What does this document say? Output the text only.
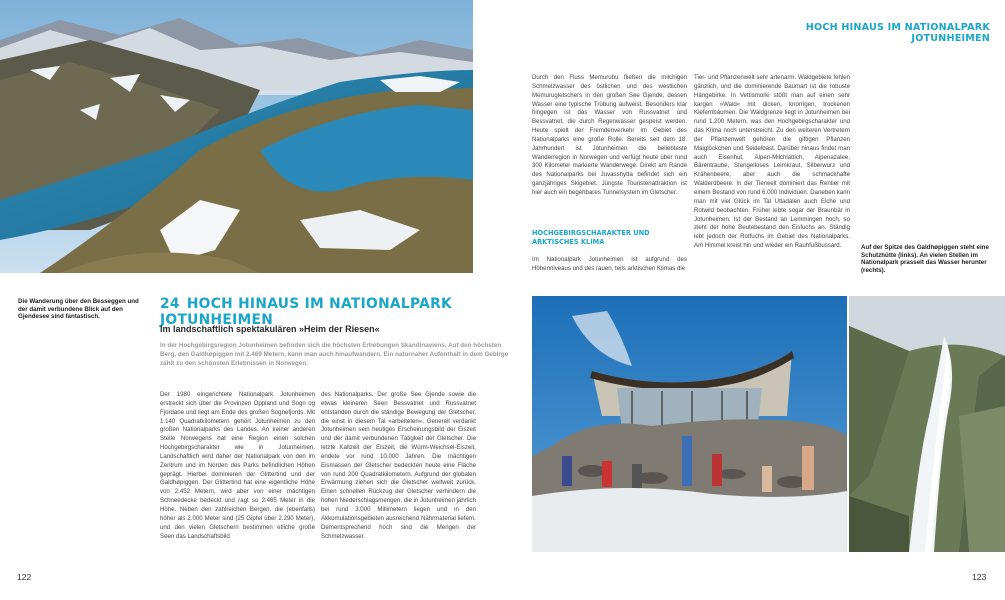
Die Wanderung über den Besseggen und der damit verbundene Blick auf den Gjendesee sind fantastisch.
Auf der Spitze des Galdhøpiggen steht eine Schutzhütte (links). An vielen Stellen im Nationalpark prasselt das Wasser herunter (rechts).
HOCH HINAUS IM NATIONALPARK JOTUNHEIMEN
24 HOCH HINAUS IM NATIONALPARK JOTUNHEIMEN
Im landschaftlich spektakulären »Heim der Riesen«
In der Hochgebirgsregion Jotunheimen befinden sich die höchsten Erhebungen Skandinaviens. Auf den höchsten Berg, den Galdhøpiggen mit 2.469 Metern, kann man auch hinaufwandern. Ein naturnaher Aufenthalt in dem Gebirge zählt zu den schönsten Erlebnissen in Norwegen.

Der 1980 eingerichtete Nationalpark Jotunheimen erstreckt sich über die Provinzen Oppland und Sogn og Fjordane und liegt am Ende des großen Sognefjords. Mit 1.140 Quadratkilometern gehört Jotunheimen zu den großen Nationalparks des Landes. An keiner anderen Stelle Norwegens hat eine Region einen solchen Hochgebirgscharakter wie in Jotunheimen. Landschaftlich wird daher der Nationalpark von den im Zentrum und im Norden des Parks befindlichen Höhen geprägt. Hierbei dominieren der Glittertind und der Galdhøpiggen. Der Glittertind hat eine eigentliche Höhe von 2.452 Metern, wird aber von einer mächtigen Schneedecke bedeckt und ragt so 2.465 Meter in die Höhe. Neben den zahlreichen Bergen, die (ebenfalls) höher als 2.000 Meter sind (25 Gipfel über 2.290 Meter), und den vielen Gletschern bestimmen etliche große Seen das Landschaftsbild

des Nationalparks. Der große See Gjende sowie die etwas kleineren Seen Bessvatnet und Russvatnet entstanden durch die ständige Bewegung der Gletscher, die einst in diesem Tal »arbeiteten«. Generell verdankt Jotunheimen sein heutiges Erscheinungsbild der Eiszeit und der damit verbundenen Tätigkeit der Gletscher. Die letzte Kaltzeit der Eiszeit, die Würm-Weichsel-Eiszeit, endete vor rund 10.000 Jahren. Die mächtigen Eismassen der Gletscher bedeckten heute eine Fläche von rund 200 Quadratkilometern. Aufgrund der globalen Erwärmung ziehen sich die Gletscher weltweit zurück. Einen schnellen Rückzug der Gletscher verhindern die hohen Niederschlagsmengen, die in Jotunheimen jährlich bei rund 3.000 Millimetern liegen und in den Akkumulationsgebieten ausreichend Nährmaterial liefern. Dementsprechend hoch sind die Mengen der Schmelzwasser.

Durch den Fluss Memurubu fließen die milchigen Schmelzwasser des östlichen und des westlichen Memurugletschers in den großen See Gjende, dessen Wasser eine typische Trübung aufweist. Besonders klar hingegen ist das Wasser von Russvatnet und Bessvatnet, die durch Regenwasser gespeist werden. Heute spielt der Fremdenverkehr im Gebiet des Nationalparks eine große Rolle. Bereits seit dem 18. Jahrhundert ist Jotunheimen die beliebteste Wanderregion in Norwegen und verfügt heute über rund 300 Kilometer markierte Wanderwege. Direkt am Rande des Nationalparks bei Juvasshytta befindet sich ein ganzjähriges Skigebiet. Jüngste Touristenattraktion ist hier auch ein begehbares Tunnelsystem im Gletscher.

HOCHGEBIRGSCHARAKTER UND ARKTISCHES KLIMA

Im Nationalpark Jotunheimen ist aufgrund des Höhenniveaus und des rauen, teils arktischen Klimas die

Tier- und Pflanzenwelt sehr artenarm. Waldgebiete fehlen gänzlich, und die dominierende Baumart ist die robuste Hängebirke. In Vettismorki stößt man auf einen sehr kargen »Wald« mit dicken, knorrigen, trockenen Kiefernbäumen. Die Waldgrenze liegt in Jotunheimen bei rund 1.200 Metern, was den Hochgebirgscharakter und das Klima noch unterstreicht. Zu den weiteren Vertretern der Pflanzenwelt gehören die giftigen Pflanzen Maiglöckchen und Seidelbast. Darüber hinaus findet man auch Eisenhut, Alpen-Milchlattich, Alpenazalee, Bärentraube, Stengelloses Leimkraut, Silberwurz und Krähenbeere, aber auch die schmackhafte Walderdbeere. In der Tierwelt dominiert das Rentier mit einem Bestand von rund 6.000 Individuen. Daneben kann man mit viel Glück im Tal Utladalen auch Elche und Rotwild beobachten. Früher lebte sogar der Braunbär in Jotunheimen. Ist der Bestand an Lemmingen hoch, so zieht der hohe Beutebestand den Eisfuchs an. Ständig lebt jedoch der Rotfuchs im Gebiet des Nationalparks. Am Himmel kreist hin und wieder ein Rauhfußbussard.

122	123
